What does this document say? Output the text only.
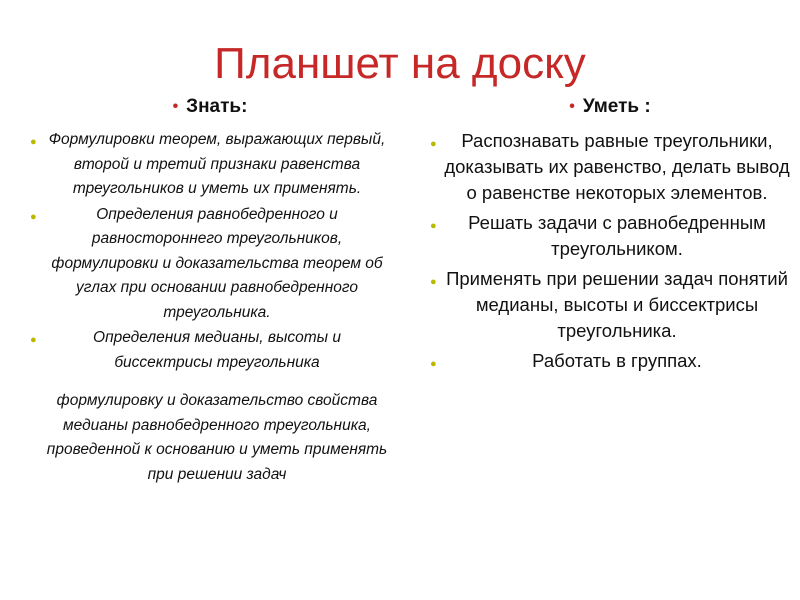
Планшет на доску
• Знать:
● Формулировки теорем, выражающих первый, второй и третий признаки равенства треугольников и уметь их применять.
●	Определения равнобедренного и равностороннего треугольников, формулировки и доказательства теорем об углах при основании равнобедренного треугольника.
●	Определения медианы, высоты и биссектрисы треугольника
формулировку и доказательство свойства медианы равнобедренного треугольника, проведенной к основанию и уметь применять при решении задач
• Уметь :
●	Распознавать равные треугольники, доказывать их равенство, делать вывод о равенстве некоторых элементов.
●	Решать задачи с равнобедренным треугольником.
● Применять при решении задач понятий медианы, высоты и биссектрисы треугольника.
●	Работать в группах.
